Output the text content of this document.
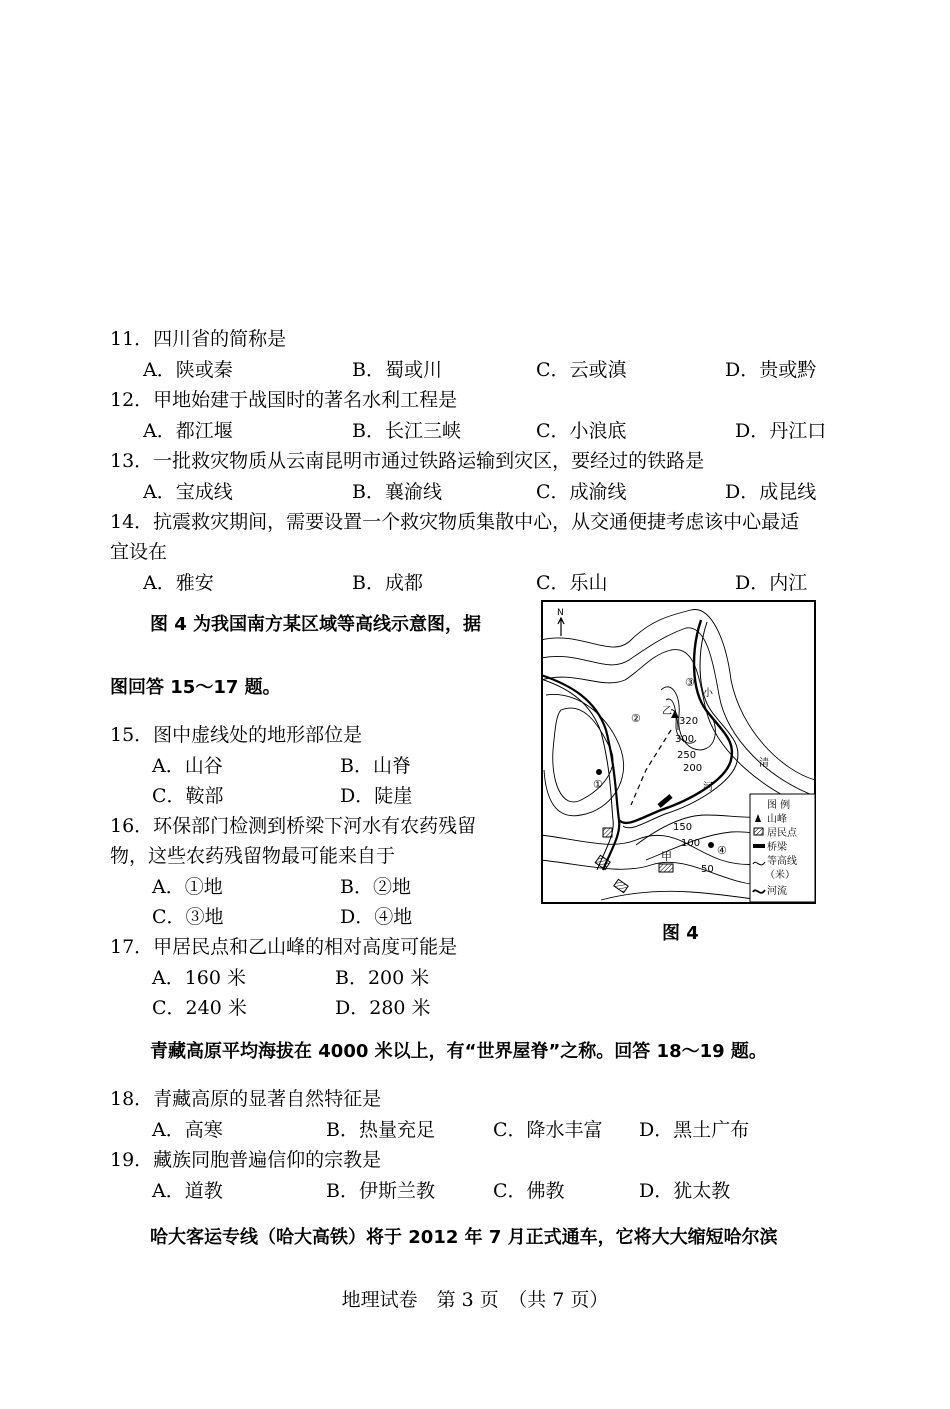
11．四川省的简称是
A．陕或秦	B．蜀或川	C．云或滇	D．贵或黔
12．甲地始建于战国时的著名水利工程是
A．都江堰	B．长江三峡	C．小浪底	D．丹江口
13．一批救灾物质从云南昆明市通过铁路运输到灾区，要经过的铁路是
A．宝成线	B．襄渝线	C．成渝线	D．成昆线
14．抗震救灾期间，需要设置一个救灾物质集散中心，从交通便捷考虑该中心最适
宜设在
A．雅安	B．成都	C．乐山	D．内江
图 4 为我国南方某区域等高线示意图，据
图回答 15～17 题。
15．图中虚线处的地形部位是
A．山谷	B．山脊
C．鞍部	D．陡崖
16．环保部门检测到桥梁下河水有农药残留
物，这些农药残留物最可能来自于
A．①地	B．②地
C．③地	D．④地
17．甲居民点和乙山峰的相对高度可能是
A．160 米	B．200 米
C．240 米	D．280 米
N
乙
320
300
250
200
150
100
50
①
②
③
④
小
清
河
甲
图 例
山峰
居民点
桥梁
等高线
（米）
河流
图 4
青藏高原平均海拔在 4000 米以上，有“世界屋脊”之称。回答 18～19 题。
18．青藏高原的显著自然特征是
A．高寒	B．热量充足	C．降水丰富 D．黑土广布
19．藏族同胞普遍信仰的宗教是
A．道教	B．伊斯兰教	C．佛教	D．犹太教
哈大客运专线（哈大高铁）将于 2012 年 7 月正式通车，它将大大缩短哈尔滨
地理试卷　第 3 页　（共 7 页）
